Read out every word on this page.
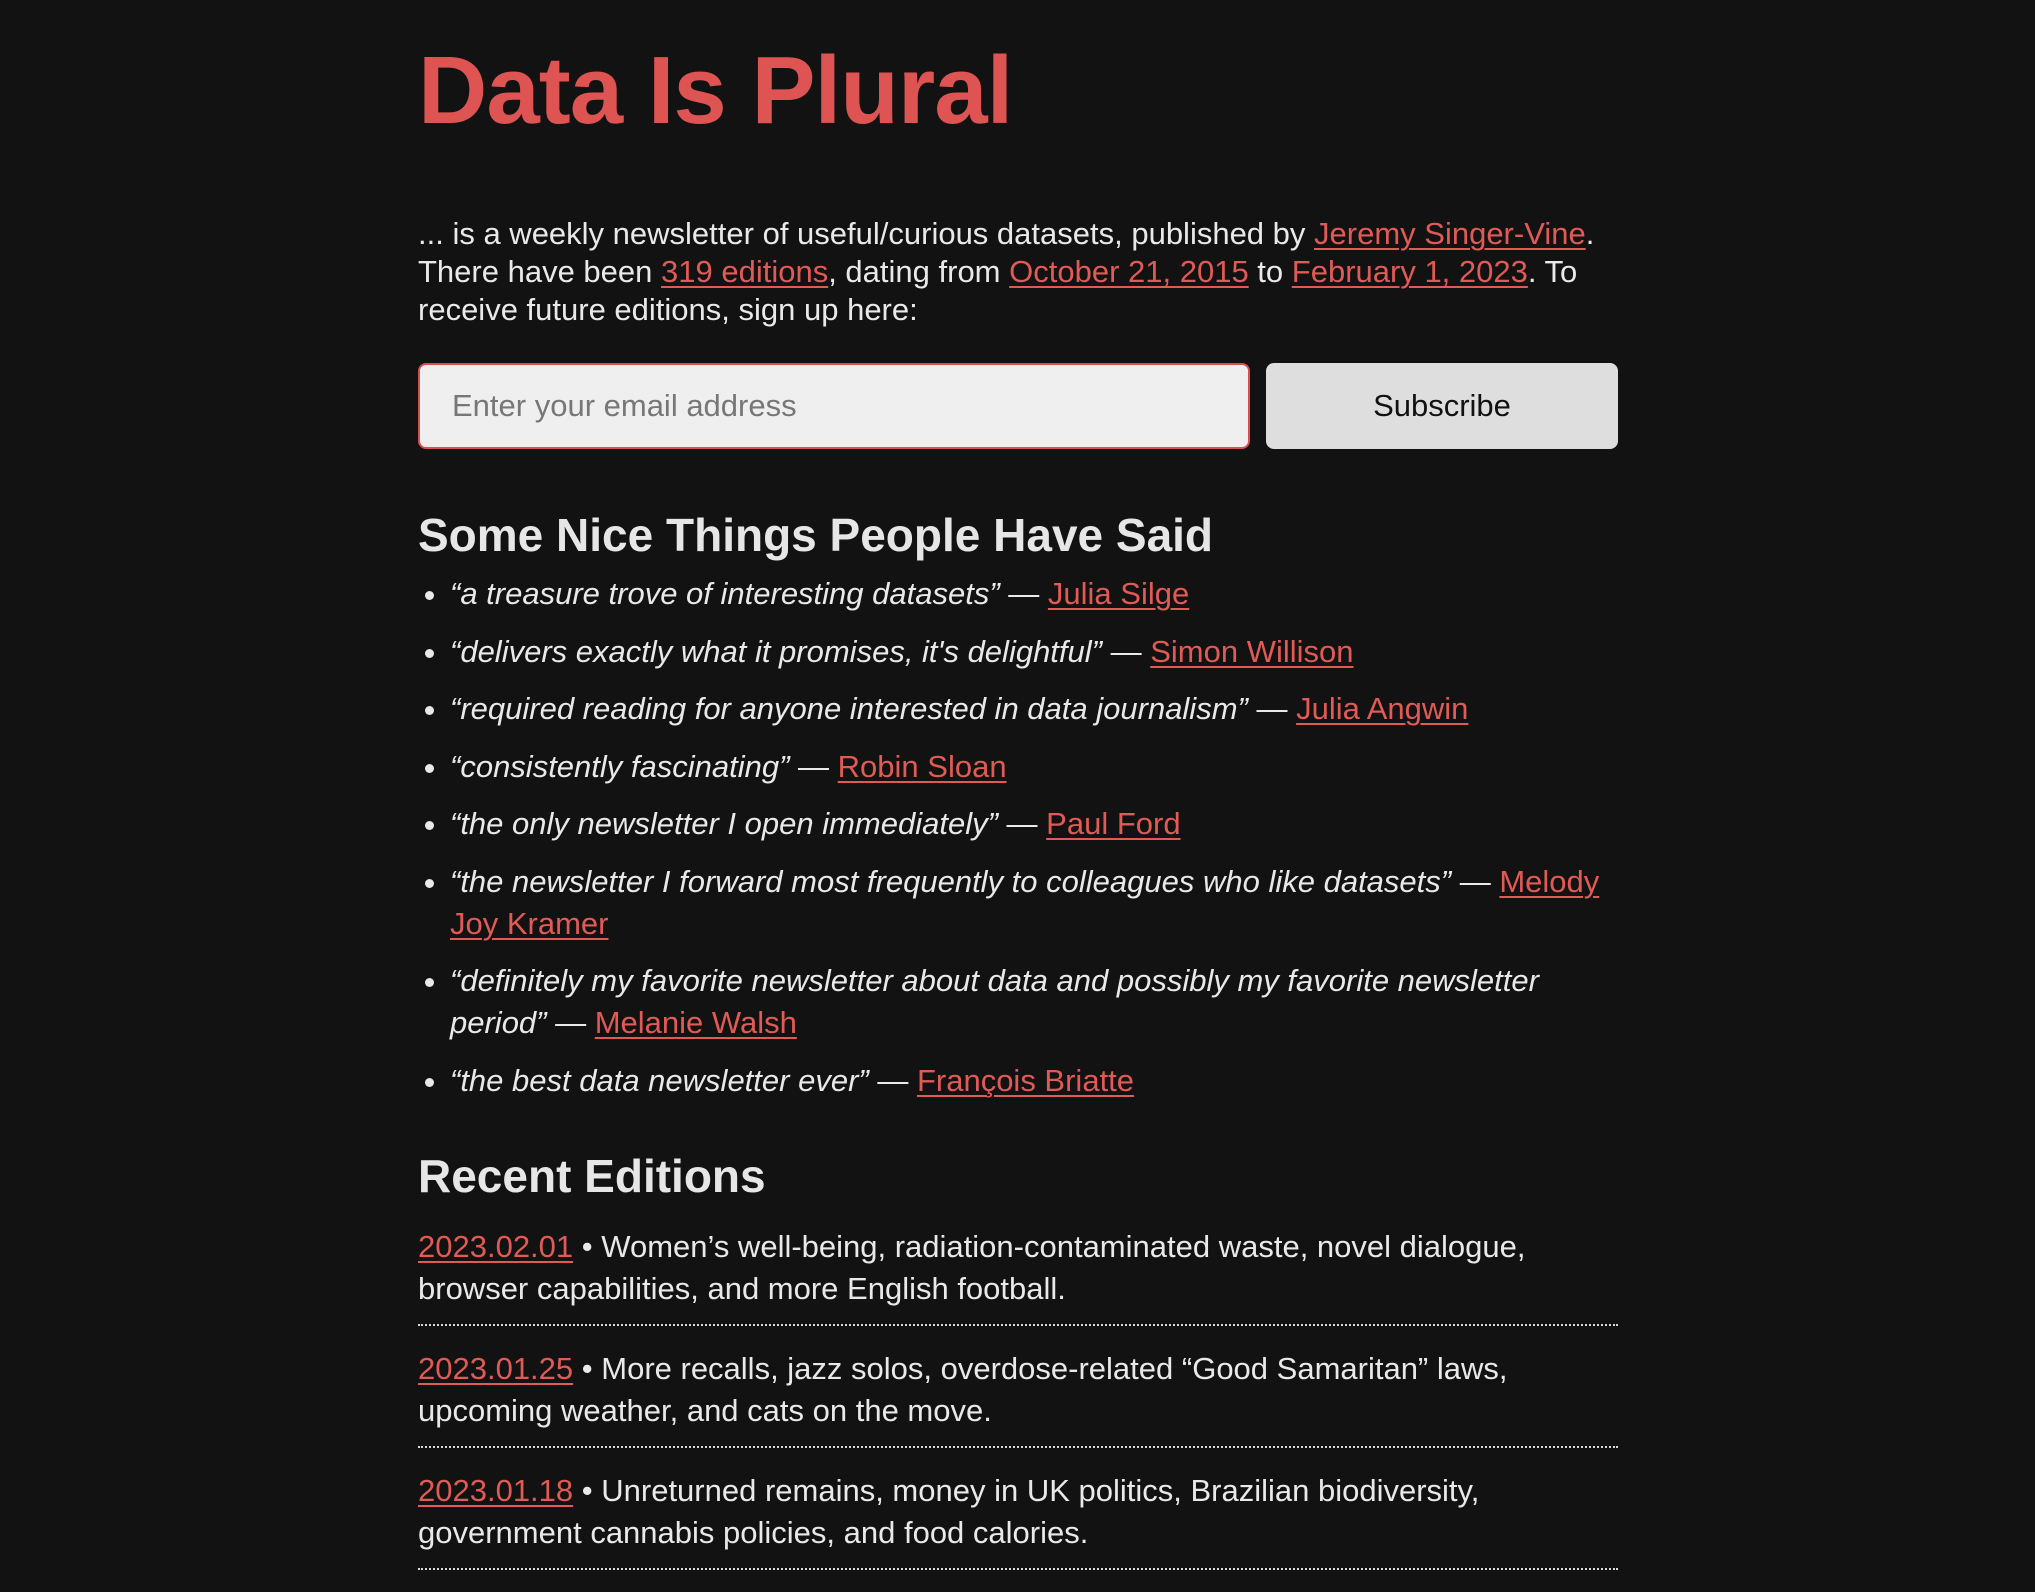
Data Is Plural

... is a weekly newsletter of useful/curious datasets, published by Jeremy Singer-Vine. There have been 319 editions, dating from October 21, 2015 to February 1, 2023. To receive future editions, sign up here:

Enter your email address
Subscribe
Some Nice Things People Have Said
• “a treasure trove of interesting datasets” — Julia Silge
• “delivers exactly what it promises, it's delightful” — Simon Willison
• “required reading for anyone interested in data journalism” — Julia Angwin
• “consistently fascinating” — Robin Sloan
• “the only newsletter I open immediately” — Paul Ford
• “the newsletter I forward most frequently to colleagues who like datasets” — Melody Joy Kramer
• “definitely my favorite newsletter about data and possibly my favorite newsletter period” — Melanie Walsh
• “the best data newsletter ever” — François Briatte
Recent Editions
2023.02.01 • Women’s well-being, radiation-contaminated waste, novel dialogue, browser capabilities, and more English football.
2023.01.25 • More recalls, jazz solos, overdose-related “Good Samaritan” laws, upcoming weather, and cats on the move.
2023.01.18 • Unreturned remains, money in UK politics, Brazilian biodiversity, government cannabis policies, and food calories.
